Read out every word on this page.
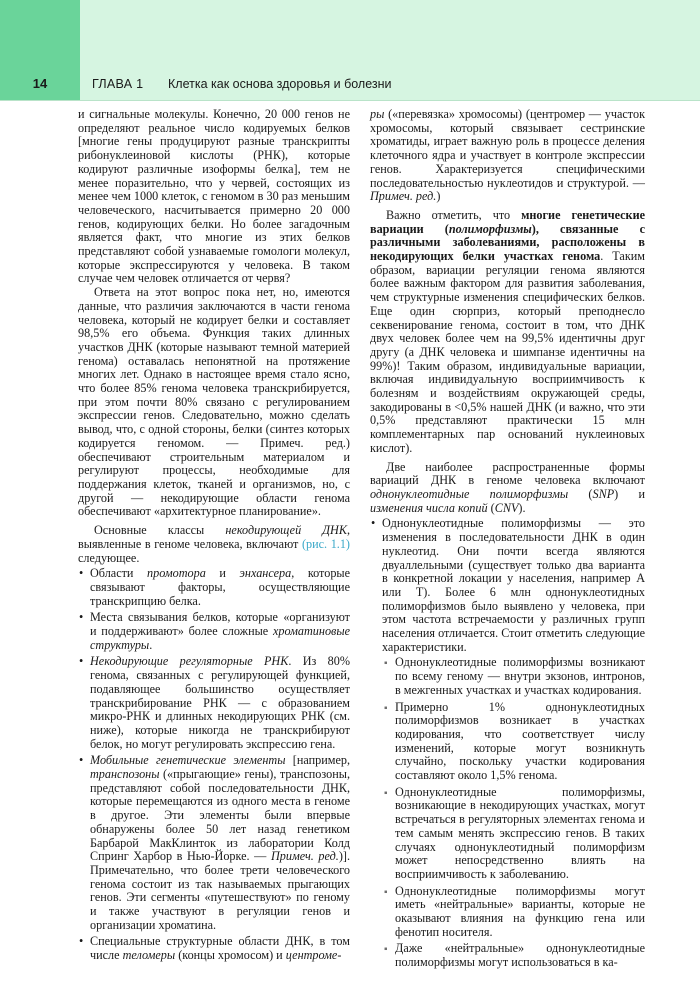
14	ГЛАВА 1 Клетка как основа здоровья и болезни

и сигнальные молекулы. Конечно, 20 000 генов не определяют реальное число кодируемых белков [многие гены продуцируют разные транскрипты рибонуклеиновой кислоты (РНК), которые кодируют различные изоформы белка], тем не менее поразительно, что у червей, состоящих из менее чем 1000 клеток, с геномом в 30 раз меньшим человеческого, насчитывается примерно 20 000 генов, кодирующих белки. Но более загадочным является факт, что многие из этих белков представляют собой узнаваемые гомологи молекул, которые экспрессируются у человека. В таком случае чем человек отличается от червя?

Ответа на этот вопрос пока нет, но, имеются данные, что различия заключаются в части генома человека, который не кодирует белки и составляет 98,5% его объема. Функция таких длинных участков ДНК (которые называют темной материей генома) оставалась непонятной на протяжение многих лет. Однако в настоящее время стало ясно, что более 85% генома человека транскрибируется, при этом почти 80% связано с регулированием экспрессии генов. Следовательно, можно сделать вывод, что, с одной стороны, белки (синтез которых кодируется геномом. — Примеч. ред.) обеспечивают строительным материалом и регулируют процессы, необходимые для поддержания клеток, тканей и организмов, но, с другой — некодирующие области генома обеспечивают «архитектурное планирование».

Основные классы некодирующей ДНК, выявленные в геноме человека, включают (рис. 1.1) следующее.

• Области промотора и энхансера, которые связывают факторы, осуществляющие транскрипцию белка.
• Места связывания белков, которые «организуют и поддерживают» более сложные хроматиновые структуры.
• Некодирующие регуляторные РНК. Из 80% генома, связанных с регулирующей функцией, подавляющее большинство осуществляет транскрибирование РНК — с образованием микро-РНК и длинных некодирующих РНК (см. ниже), которые никогда не транскрибируют белок, но могут регулировать экспрессию гена.
• Мобильные генетические элементы [например, транспозоны («прыгающие» гены), транспозоны, представляют собой последовательности ДНК, которые перемещаются из одного места в геноме в другое. Эти элементы были впервые обнаружены более 50 лет назад генетиком Барбарой МакКлинток из лаборатории Колд Спринг Харбор в Нью-Йорке. — Примеч. ред.)]. Примечательно, что более трети человеческого генома состоит из так называемых прыгающих генов. Эти сегменты «путешествуют» по геному и также участвуют в регуляции генов и организации хроматина.
• Специальные структурные области ДНК, в том числе теломеры (концы хромосом) и центроме-

ры («перевязка» хромосомы) (центромер — участок хромосомы, который связывает сестринские хроматиды, играет важную роль в процессе деления клеточного ядра и участвует в контроле экспрессии генов. Характеризуется специфическими последовательностью нуклеотидов и структурой. — Примеч. ред.)

Важно отметить, что многие генетические вариации (полиморфизмы), связанные с различными заболеваниями, расположены в некодирующих белки участках генома. Таким образом, вариации регуляции генома являются более важным фактором для развития заболевания, чем структурные изменения специфических белков. Еще один сюрприз, который преподнесло секвенирование генома, состоит в том, что ДНК двух человек более чем на 99,5% идентичны друг другу (а ДНК человека и шимпанзе идентичны на 99%)! Таким образом, индивидуальные вариации, включая индивидуальную восприимчивость к болезням и воздействиям окружающей среды, закодированы в <0,5% нашей ДНК (и важно, что эти 0,5% представляют практически 15 млн комплементарных пар оснований нуклеиновых кислот).

Две наиболее распространенные формы вариаций ДНК в геноме человека включают однонуклеотидные полиморфизмы (SNP) и изменения числа копий (CNV).

• Однонуклеотидные полиморфизмы — это изменения в последовательности ДНК в один нуклеотид. Они почти всегда являются двуаллельными (существует только два варианта в конкретной локации у населения, например А или Т). Более 6 млн однонуклеотидных полиморфизмов было выявлено у человека, при этом частота встречаемости у различных групп населения отличается. Стоит отметить следующие характеристики.
▪ Однонуклеотидные полиморфизмы возникают по всему геному — внутри экзонов, интронов, в межгенных участках и участках кодирования.
▪ Примерно 1% однонуклеотидных полиморфизмов возникает в участках кодирования, что соответствует числу изменений, которые могут возникнуть случайно, поскольку участки кодирования составляют около 1,5% генома.
▪ Однонуклеотидные полиморфизмы, возникающие в некодирующих участках, могут встречаться в регуляторных элементах генома и тем самым менять экспрессию генов. В таких случаях однонуклеотидный полиморфизм может непосредственно влиять на восприимчивость к заболеванию.
▪ Однонуклеотидные полиморфизмы могут иметь «нейтральные» варианты, которые не оказывают влияния на функцию гена или фенотип носителя.
▪ Даже «нейтральные» однонуклеотидные полиморфизмы могут использоваться в ка-
